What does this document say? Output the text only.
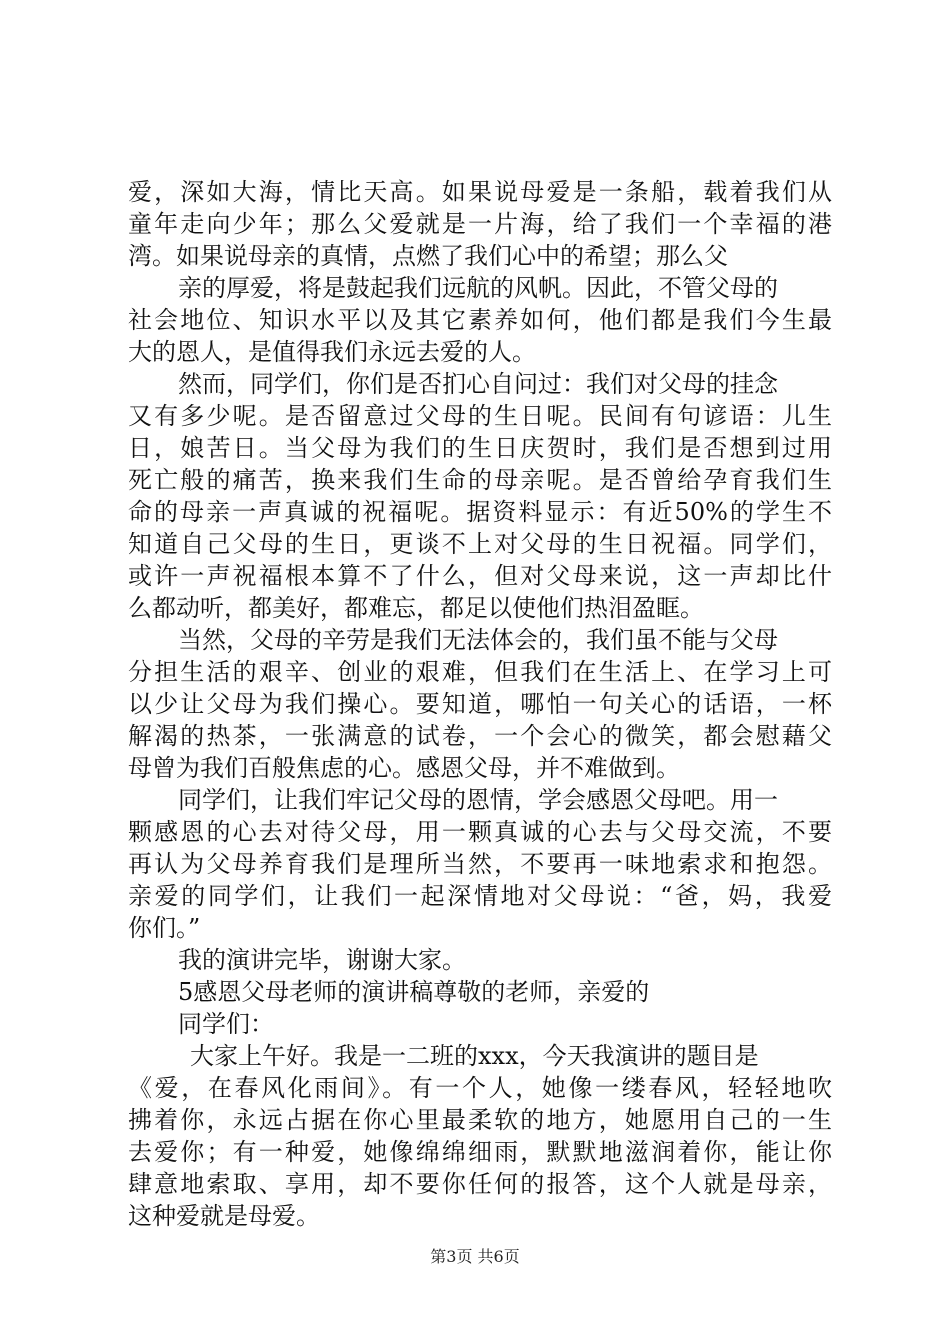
爱，深如大海，情比天高。如果说母爱是一条船，载着我们从
童年走向少年；那么父爱就是一片海，给了我们一个幸福的港
湾。如果说母亲的真情，点燃了我们心中的希望；那么父
亲的厚爱，将是鼓起我们远航的风帆。因此，不管父母的
社会地位、知识水平以及其它素养如何，他们都是我们今生最
大的恩人，是值得我们永远去爱的人。
然而，同学们，你们是否扪心自问过：我们对父母的挂念
又有多少呢。是否留意过父母的生日呢。民间有句谚语：儿生
日，娘苦日。当父母为我们的生日庆贺时，我们是否想到过用
死亡般的痛苦，换来我们生命的母亲呢。是否曾给孕育我们生
命的母亲一声真诚的祝福呢。据资料显示：有近50%的学生不
知道自己父母的生日，更谈不上对父母的生日祝福。同学们，
或许一声祝福根本算不了什么，但对父母来说，这一声却比什
么都动听，都美好，都难忘，都足以使他们热泪盈眶。
当然，父母的辛劳是我们无法体会的，我们虽不能与父母
分担生活的艰辛、创业的艰难，但我们在生活上、在学习上可
以少让父母为我们操心。要知道，哪怕一句关心的话语，一杯
解渴的热茶，一张满意的试卷，一个会心的微笑，都会慰藉父
母曾为我们百般焦虑的心。感恩父母，并不难做到。
同学们，让我们牢记父母的恩情，学会感恩父母吧。用一
颗感恩的心去对待父母，用一颗真诚的心去与父母交流，不要
再认为父母养育我们是理所当然，不要再一味地索求和抱怨。
亲爱的同学们，让我们一起深情地对父母说：“爸，妈，我爱
你们。”
我的演讲完毕，谢谢大家。
5感恩父母老师的演讲稿尊敬的老师，亲爱的
同学们：
大家上午好。我是一二班的xxx，今天我演讲的题目是
《爱，在春风化雨间》。有一个人，她像一缕春风，轻轻地吹
拂着你，永远占据在你心里最柔软的地方，她愿用自己的一生
去爱你；有一种爱，她像绵绵细雨，默默地滋润着你，能让你
肆意地索取、享用，却不要你任何的报答，这个人就是母亲，
这种爱就是母爱。
第3页 共6页
